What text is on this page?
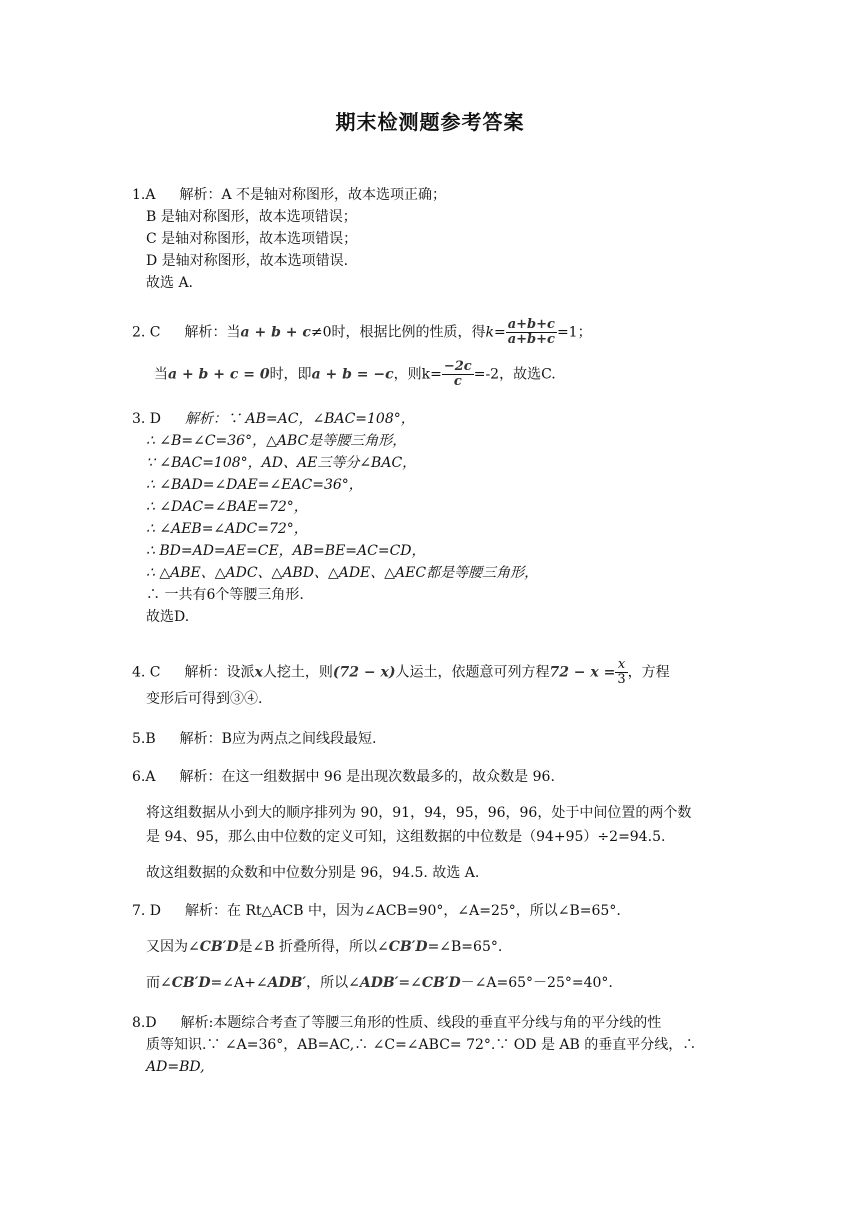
期末检测题参考答案
1.A 解析：A 不是轴对称图形，故本选项正确；
B 是轴对称图形，故本选项错误；
C 是轴对称图形，故本选项错误；
D 是轴对称图形，故本选项错误.
故选 A.
2. C 解析：当a + b + c≠0时，根据比例的性质，得$k= \frac{a+b+c}{a+b+c} =1$；
当a + b + c = 0时，即a + b = −c，则$k= \frac{-2c}{c} =-2$，故选C.
3. D 解析：∵ AB=AC，∠BAC=108°，
∴ ∠B=∠C=36°，△ABC是等腰三角形，
∵ ∠BAC=108°，AD、AE三等分∠BAC，
∴ ∠BAD=∠DAE=∠EAC=36°，
∴ ∠DAC=∠BAE=72°，
∴ ∠AEB=∠ADC=72°，
∴ BD=AD=AE=CE，AB=BE=AC=CD，
∴ △ABE、△ADC、△ABD、△ADE、△AEC都是等腰三角形，
∴ 一共有6个等腰三角形.
故选D.
4. C 解析：设派x人挖土，则(72 − x)人运土，依题意可列方程$72 - x = \frac{x}{3}$ ，方程
变形后可得到③④.
5.B 解析：B应为两点之间线段最短.
6.A 解析：在这一组数据中 96 是出现次数最多的，故众数是 96.
将这组数据从小到大的顺序排列为 90，91，94，95，96，96，处于中间位置的两个数
是 94、95，那么由中位数的定义可知，这组数据的中位数是（94+95）÷2=94.5.
故这组数据的众数和中位数分别是 96，94.5. 故选 A.
7. D 解析：在 Rt△ACB 中，因为∠ACB=90°，∠A=25°，所以∠B=65°.
又因为∠CB′D是∠B 折叠所得，所以∠CB′D=∠B=65°.
而∠CB′D=∠A+∠ADB′，所以∠ADB′=∠CB′D－∠A=65°－25°=40°.
8.D 解析:本题综合考查了等腰三角形的性质、线段的垂直平分线与角的平分线的性
质等知识.∵ ∠A=36°，AB=AC,∴ ∠C=∠ABC= 72°.∵ OD 是 AB 的垂直平分线，∴
AD=BD,
